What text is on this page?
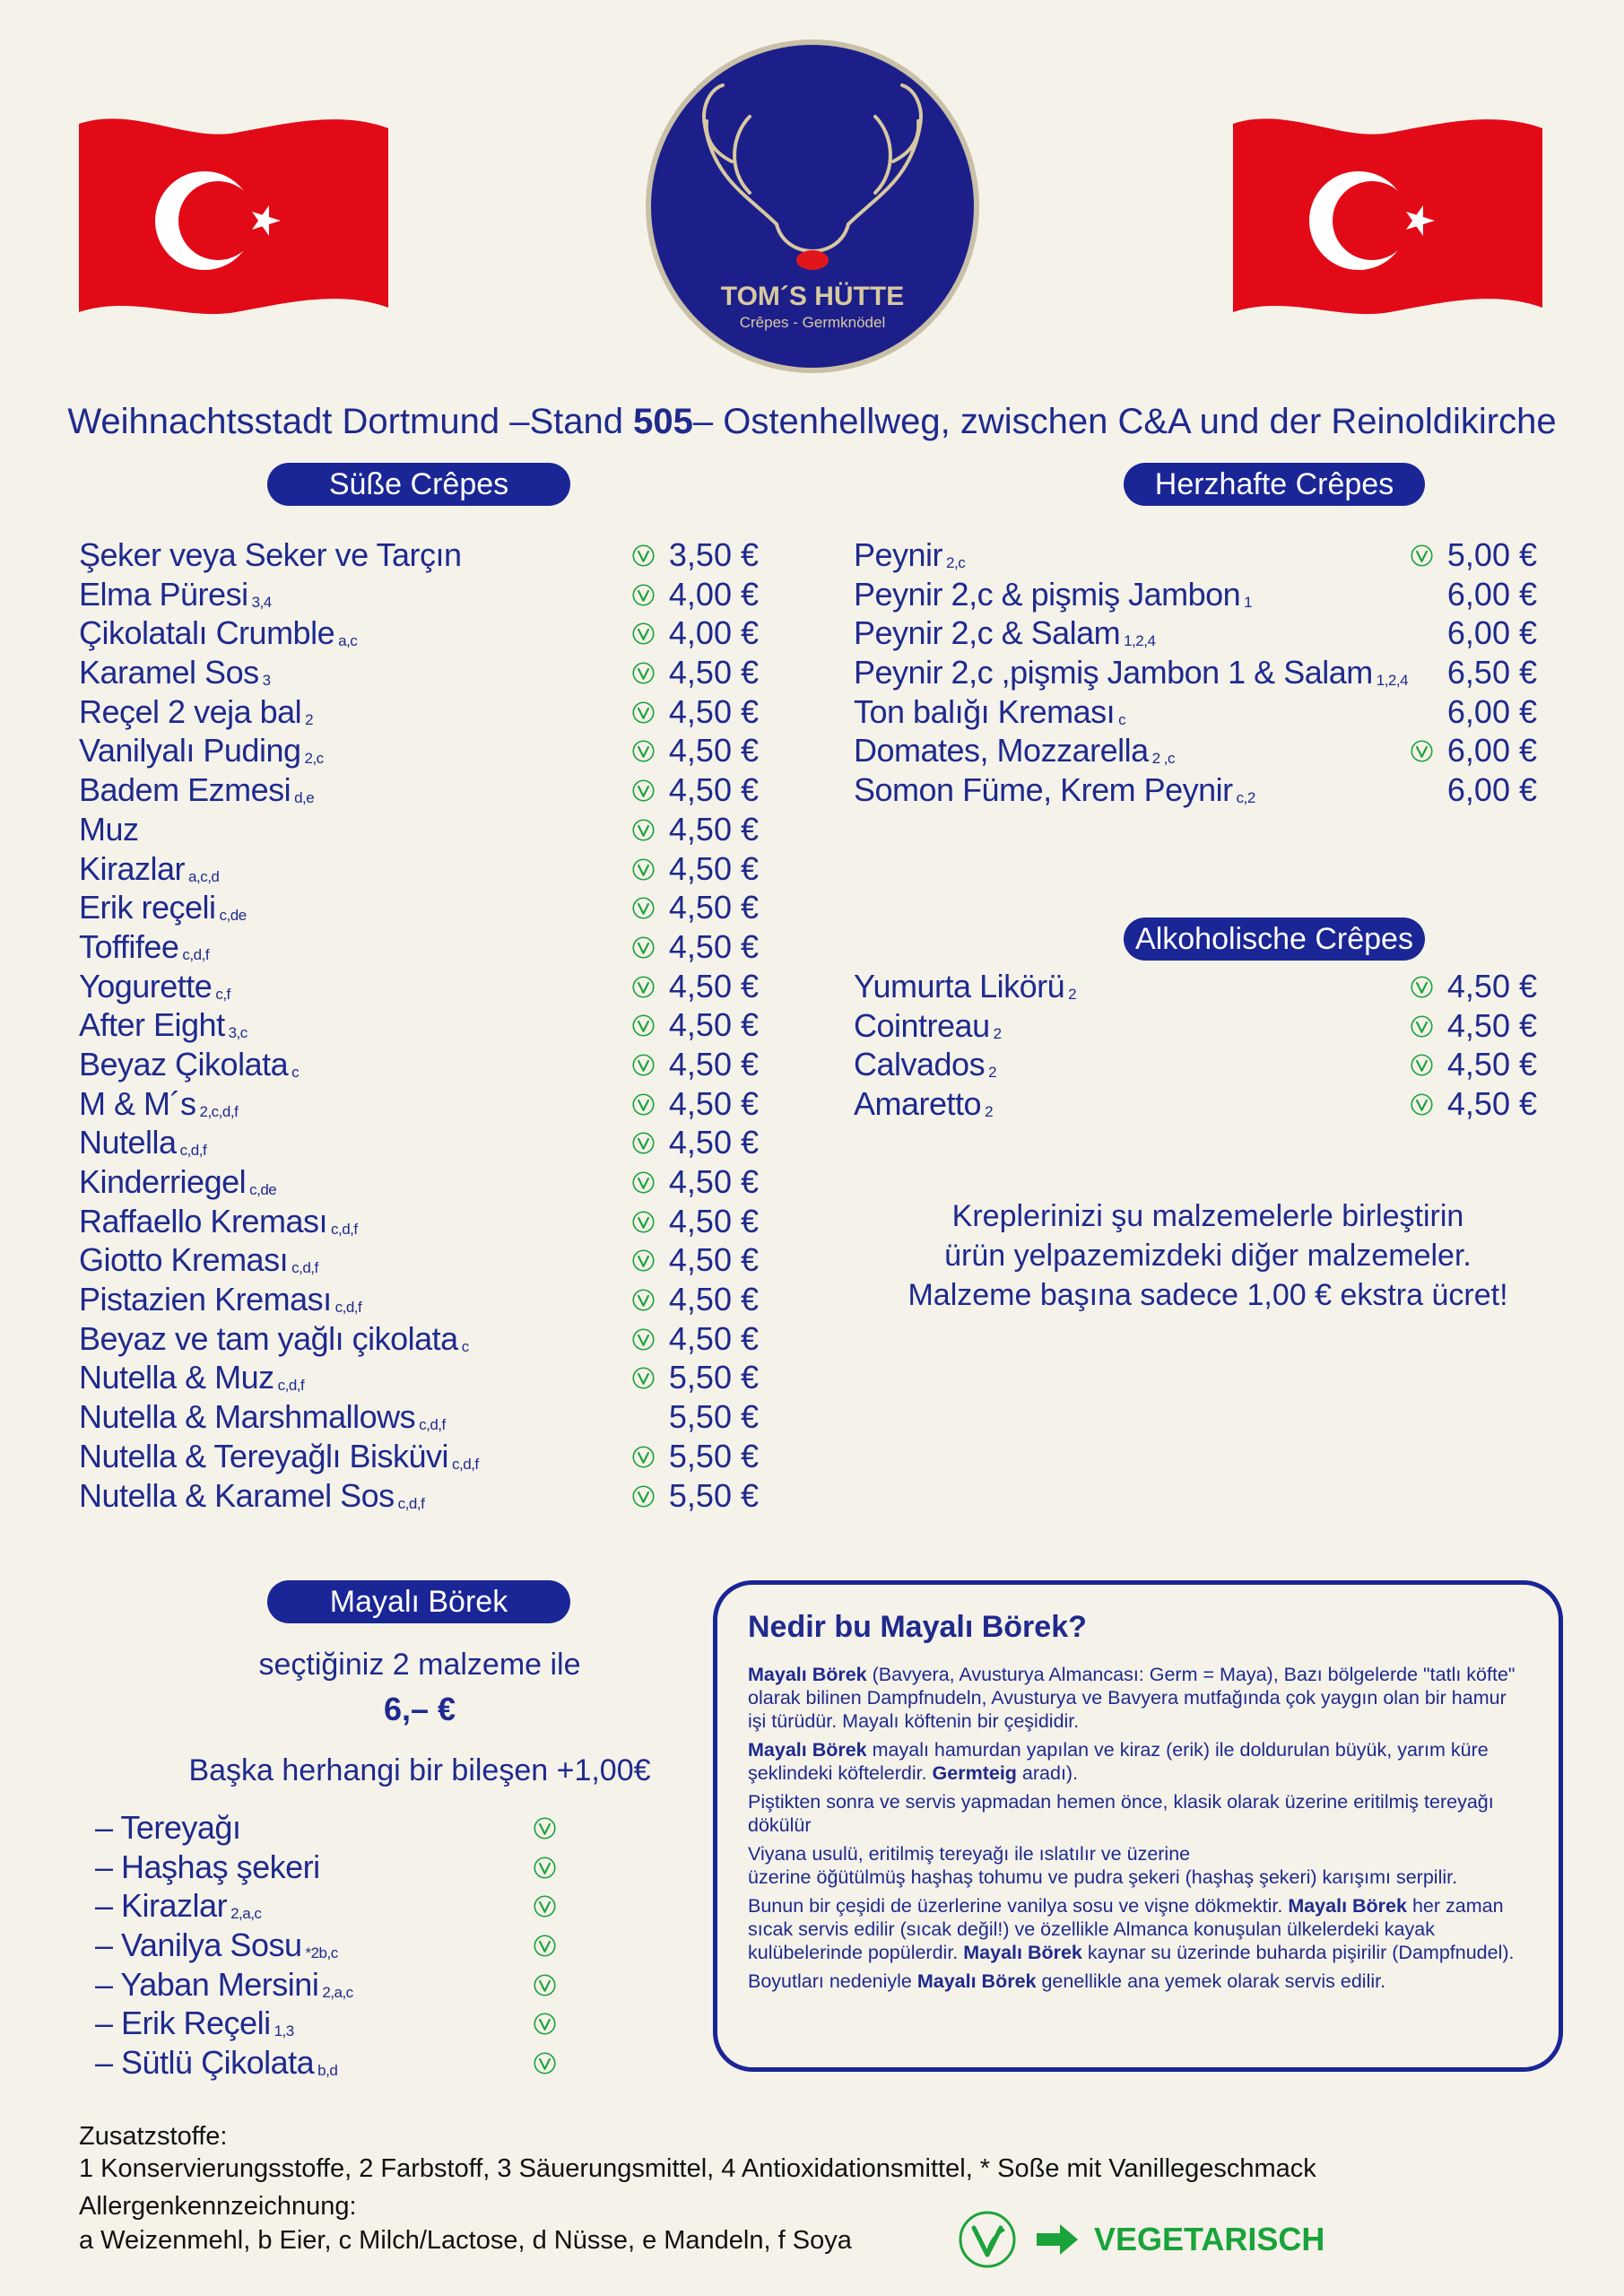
TOM´S HÜTTE
Crêpes - Germknödel
Weihnachtsstadt Dortmund –Stand 505– Ostenhellweg, zwischen C&A und der Reinoldikirche
Süße Crêpes	Herzhafte Crêpes
Alkoholische Crêpes
Mayalı Börek
Şeker veya Seker ve Tarçın	3,50 €
Elma Püresi 3,4	4,00 €
Çikolatalı Crumble a,c	4,00 €
Karamel Sos 3	4,50 €
Reçel 2 veja bal 2	4,50 €
Vanilyalı Puding 2,c	4,50 €
Badem Ezmesi d,e	4,50 €
Muz	4,50 €
Kirazlar a,c,d	4,50 €
Erik reçeli c,de	4,50 €
Toffifee c,d,f	4,50 €
Yogurette c,f	4,50 €
After Eight 3,c	4,50 €
Beyaz Çikolata c	4,50 €
M & M´s 2,c,d,f	4,50 €
Nutella c,d,f	4,50 €
Kinderriegel c,de	4,50 €
Raffaello Kreması c,d,f	4,50 €
Giotto Kreması c,d,f	4,50 €
Pistazien Kreması c,d,f	4,50 €
Beyaz ve tam yağlı çikolata c	4,50 €
Nutella & Muz c,d,f	5,50 €
Nutella & Marshmallows c,d,f	5,50 €
Nutella & Tereyağlı Bisküvi c,d,f	5,50 €
Nutella & Karamel Sos c,d,f	5,50 €
Peynir 2,c	5,00 €
Peynir 2,c & pişmiş Jambon 1	6,00 €
Peynir 2,c & Salam 1,2,4	6,00 €
Peynir 2,c ,pişmiş Jambon 1 & Salam 1,2,4	6,50 €
Ton balığı Kreması c	6,00 €
Domates, Mozzarella 2 ,c	6,00 €
Somon Füme, Krem Peynir c,2	6,00 €
Yumurta Likörü 2	4,50 €
Cointreau 2	4,50 €
Calvados 2	4,50 €
Amaretto 2	4,50 €
Kreplerinizi şu malzemelerle birleştirin
ürün yelpazemizdeki diğer malzemeler.
Malzeme başına sadece 1,00 € ekstra ücret!
seçtiğiniz 2 malzeme ile
6,– €
Başka herhangi bir bileşen +1,00€
– Tereyağı
– Haşhaş şekeri
– Kirazlar 2,a,c
– Vanilya Sosu *2b,c
– Yaban Mersini 2,a,c
– Erik Reçeli 1,3
– Sütlü Çikolata b,d
Nedir bu Mayalı Börek?

Mayalı Börek (Bavyera, Avusturya Almancası: Germ = Maya), Bazı bölgelerde "tatlı köfte" olarak bilinen Dampfnudeln, Avusturya ve Bavyera mutfağında çok yaygın olan bir hamur işi türüdür. Mayalı köftenin bir çeşididir.

Mayalı Börek mayalı hamurdan yapılan ve kiraz (erik) ile doldurulan büyük, yarım küre şeklindeki köftelerdir. Germteig aradı).

Piştikten sonra ve servis yapmadan hemen önce, klasik olarak üzerine eritilmiş tereyağı dökülür

Viyana usulü, eritilmiş tereyağı ile ıslatılır ve üzerine

üzerine öğütülmüş haşhaş tohumu ve pudra şekeri (haşhaş şekeri) karışımı serpilir.

Bunun bir çeşidi de üzerlerine vanilya sosu ve vişne dökmektir. Mayalı Börek her zaman sıcak servis edilir (sıcak değil!) ve özellikle Almanca konuşulan ülkelerdeki kayak kulübelerinde popülerdir. Mayalı Börek kaynar su üzerinde buharda pişirilir (Dampfnudel).

Boyutları nedeniyle Mayalı Börek genellikle ana yemek olarak servis edilir.

Zusatzstoffe:
1 Konservierungsstoffe, 2 Farbstoff, 3 Säuerungsmittel, 4 Antioxidationsmittel, * Soße mit Vanillegeschmack
Allergenkennzeichnung:
a Weizenmehl, b Eier, c Milch/Lactose, d Nüsse, e Mandeln, f Soya	VEGETARISCH
